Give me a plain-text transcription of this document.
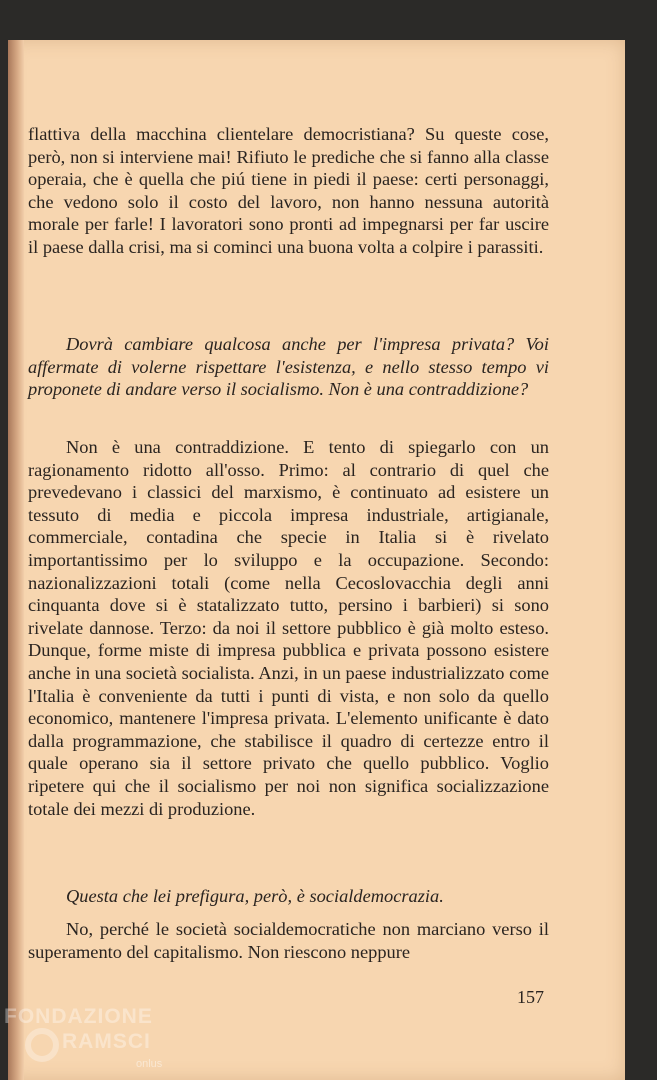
flattiva della macchina clientelare democristiana? Su queste cose, però, non si interviene mai! Rifiuto le prediche che si fanno alla classe operaia, che è quella che piú tiene in piedi il paese: certi personaggi, che vedono solo il costo del lavoro, non hanno nessuna autorità morale per farle! I lavoratori sono pronti ad impegnarsi per far uscire il paese dalla crisi, ma si cominci una buona volta a colpire i parassiti.

Dovrà cambiare qualcosa anche per l'impresa privata? Voi affermate di volerne rispettare l'esistenza, e nello stesso tempo vi proponete di andare verso il socialismo. Non è una contraddizione?

Non è una contraddizione. E tento di spiegarlo con un ragionamento ridotto all'osso. Primo: al contrario di quel che prevedevano i classici del marxismo, è continuato ad esistere un tessuto di media e piccola impresa industriale, artigianale, commerciale, contadina che specie in Italia si è rivelato importantissimo per lo sviluppo e la occupazione. Secondo: nazionalizzazioni totali (come nella Cecoslovacchia degli anni cinquanta dove si è statalizzato tutto, persino i barbieri) si sono rivelate dannose. Terzo: da noi il settore pubblico è già molto esteso. Dunque, forme miste di impresa pubblica e privata possono esistere anche in una società socialista. Anzi, in un paese industrializzato come l'Italia è conveniente da tutti i punti di vista, e non solo da quello economico, mantenere l'impresa privata. L'elemento unificante è dato dalla programmazione, che stabilisce il quadro di certezze entro il quale operano sia il settore privato che quello pubblico. Voglio ripetere qui che il socialismo per noi non significa socializzazione totale dei mezzi di produzione.

Questa che lei prefigura, però, è socialdemocrazia.

No, perché le società socialdemocratiche non marciano verso il superamento del capitalismo. Non riescono neppure

157
FONDAZIONE
RAMSCI
onlus
